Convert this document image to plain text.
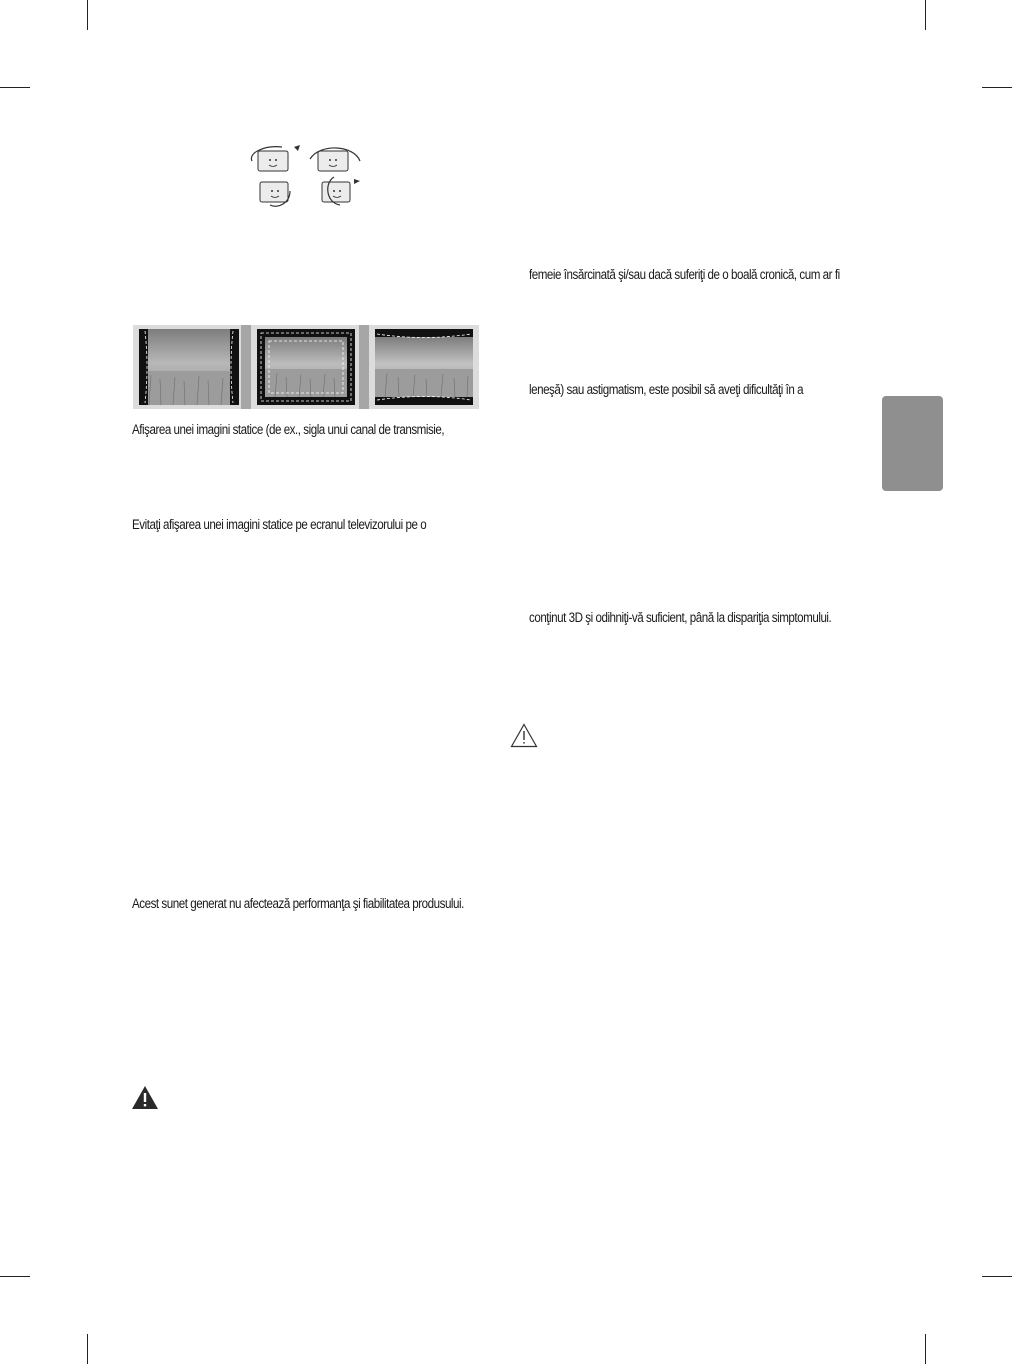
Afişarea unei imagini statice (de ex., sigla unui canal de transmisie,
Evitaţi afişarea unei imagini statice pe ecranul televizorului pe o
Acest sunet generat nu afectează performanţa şi fiabilitatea produsului.
femeie însărcinată şi/sau dacă suferiţi de o boală cronică, cum ar fi
leneşă) sau astigmatism, este posibil să aveţi dificultăţi în a
conţinut 3D şi odihniţi-vă suficient, până la dispariţia simptomului.
